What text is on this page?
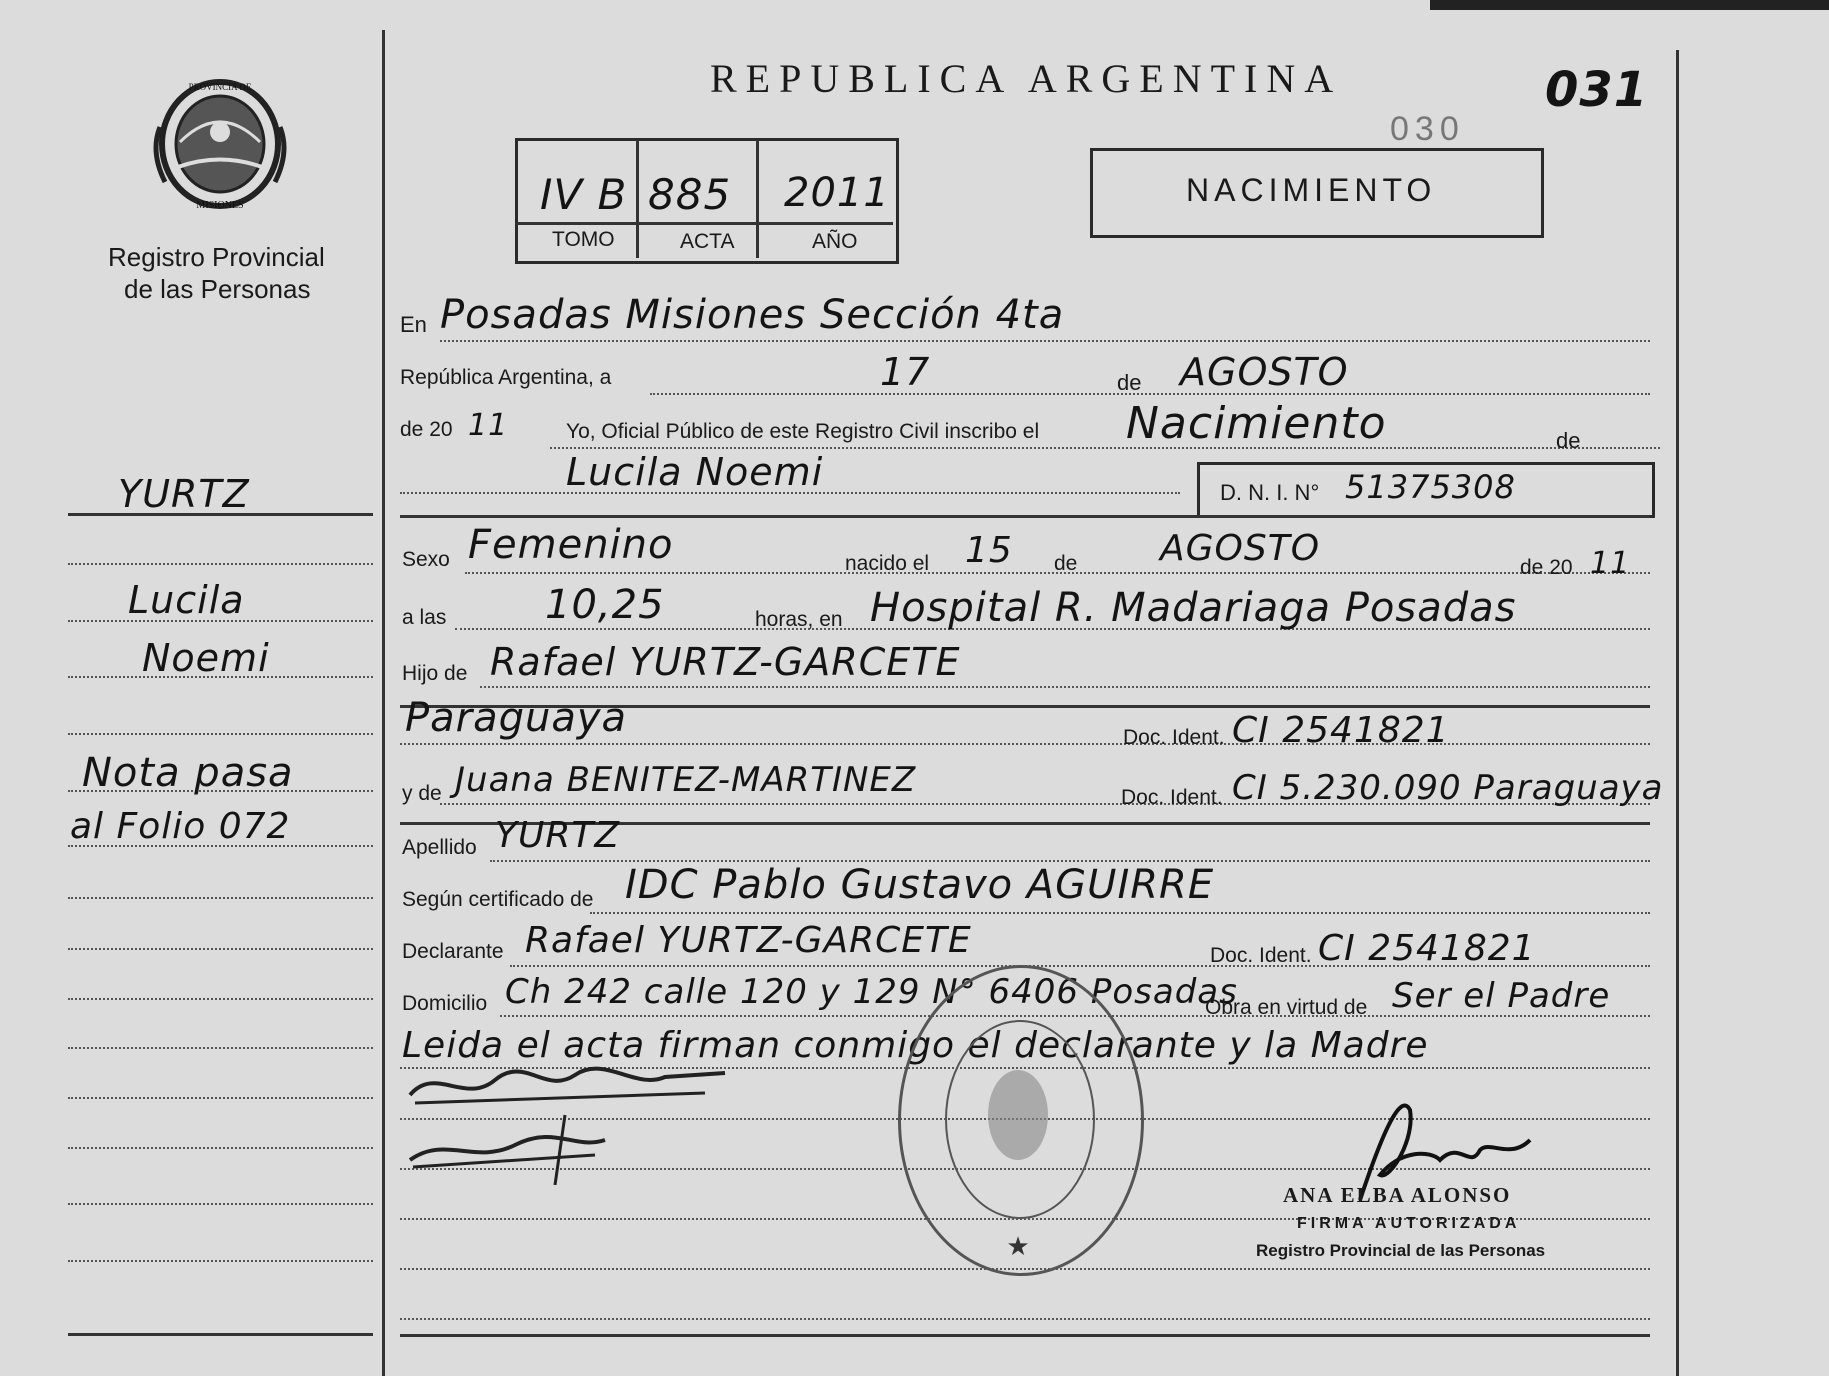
PROVINCIA DE
MISIONES
Registro Provincial
de las Personas
REPUBLICA ARGENTINA	031
030
IV B 885 2011
TOMO	ACTA	AÑO
NACIMIENTO
YURTZ
Lucila
Noemi
Nota pasa
al Folio 072
En Posadas Misiones Sección 4ta
República Argentina, a	17	de AGOSTO
de 20 11	Yo, Oficial Público de este Registro Civil inscribo el Nacimiento	de
Lucila Noemi	D. N. I. N° 51375308
Sexo Femenino	nacido el 15 de AGOSTO	de 20 11
a las 10,25	horas, en Hospital R. Madariaga Posadas
Hijo de Rafael YURTZ-GARCETE
Paraguaya	Doc. Ident. CI 2541821
y de Juana BENITEZ-MARTINEZ	Doc. Ident. CI 5.230.090 Paraguaya
Apellido YURTZ
Según certificado de IDC Pablo Gustavo AGUIRRE
Declarante Rafael YURTZ-GARCETE	Doc. Ident. CI 2541821
Domicilio Ch 242 calle 120 y 129 N° 6406 Posadas
Obra en virtud de Ser el Padre
Leida el acta firman conmigo el declarante y la Madre
★
ANA ELBA ALONSO
FIRMA AUTORIZADA
Registro Provincial de las Personas
